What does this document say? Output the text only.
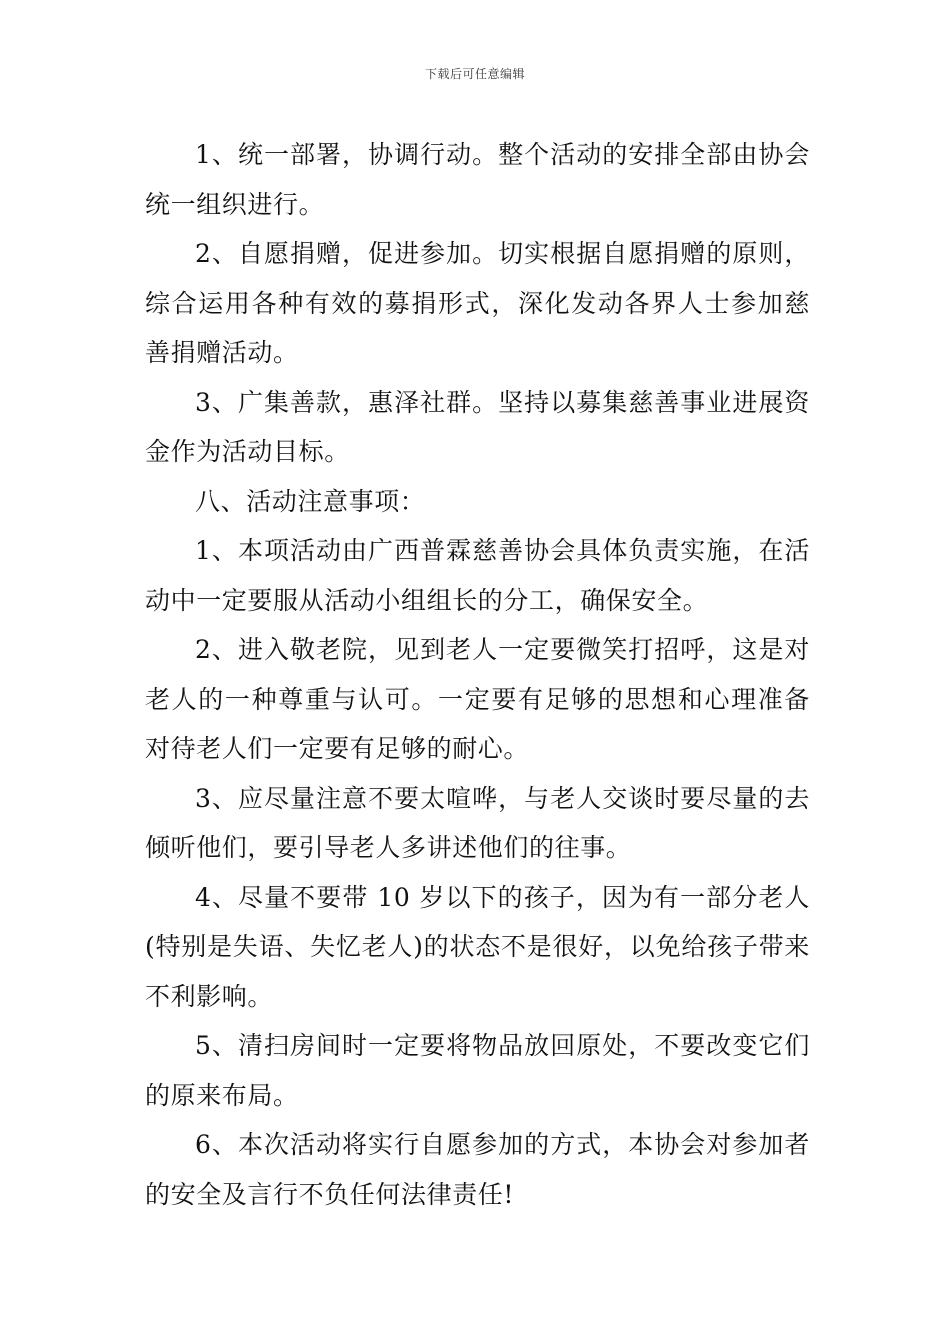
下载后可任意编辑

1、统一部署，协调行动。整个活动的安排全部由协会统一组织进行。

2、自愿捐赠，促进参加。切实根据自愿捐赠的原则，综合运用各种有效的募捐形式，深化发动各界人士参加慈善捐赠活动。

3、广集善款，惠泽社群。坚持以募集慈善事业进展资金作为活动目标。

八、活动注意事项：

1、本项活动由广西普霖慈善协会具体负责实施，在活动中一定要服从活动小组组长的分工，确保安全。

2、进入敬老院，见到老人一定要微笑打招呼，这是对老人的一种尊重与认可。一定要有足够的思想和心理准备对待老人们一定要有足够的耐心。

3、应尽量注意不要太喧哗，与老人交谈时要尽量的去倾听他们，要引导老人多讲述他们的往事。

4、尽量不要带 10 岁以下的孩子，因为有一部分老人(特别是失语、失忆老人)的状态不是很好，以免给孩子带来不利影响。

5、清扫房间时一定要将物品放回原处，不要改变它们的原来布局。

6、本次活动将实行自愿参加的方式，本协会对参加者的安全及言行不负任何法律责任!
